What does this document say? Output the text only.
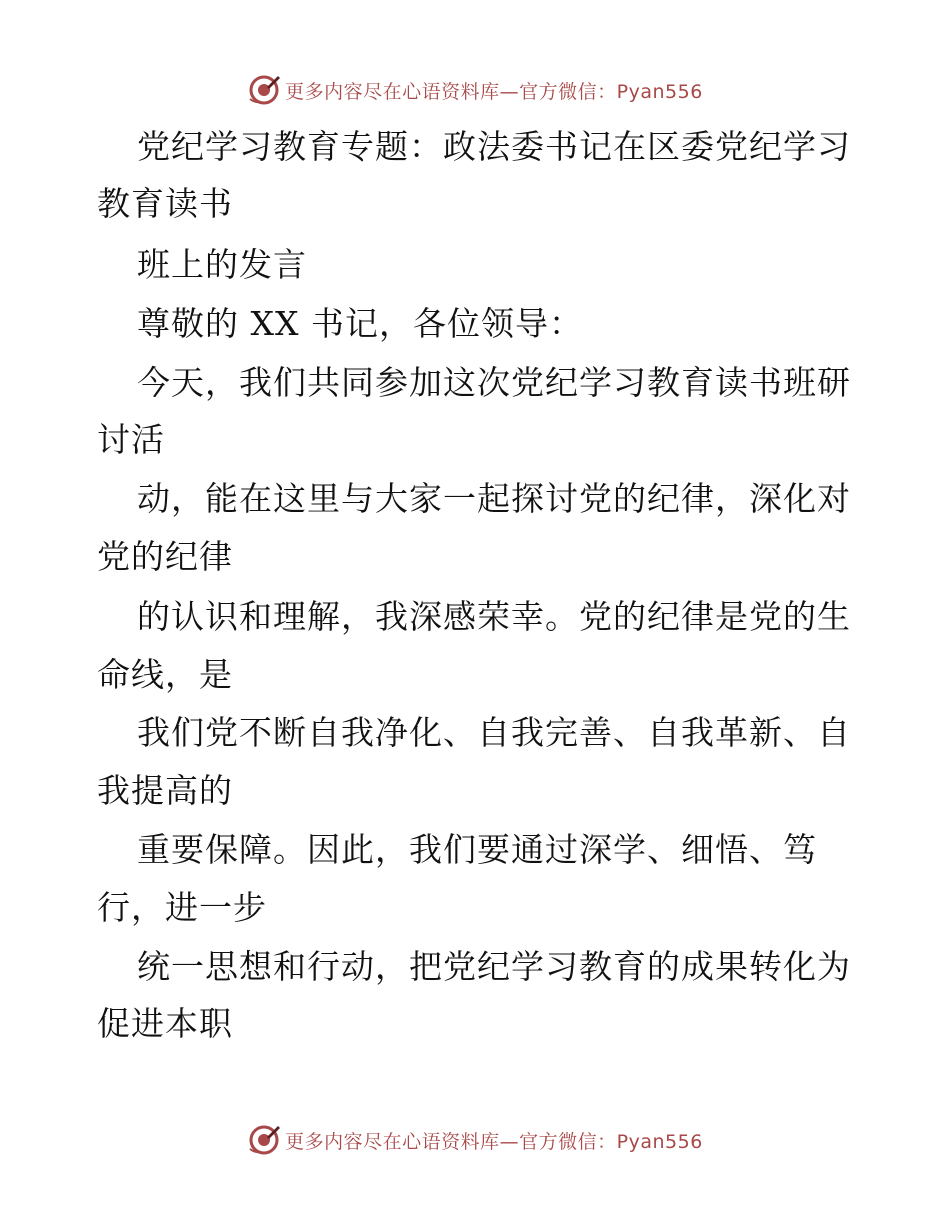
更多内容尽在心语资料库—官方微信：Pyan556
党纪学习教育专题：政法委书记在区委党纪学习
教育读书
班上的发言
尊敬的 XX 书记，各位领导：
今天，我们共同参加这次党纪学习教育读书班研
讨活
动，能在这里与大家一起探讨党的纪律，深化对
党的纪律
的认识和理解，我深感荣幸。党的纪律是党的生
命线，是
我们党不断自我净化、自我完善、自我革新、自
我提高的
重要保障。因此，我们要通过深学、细悟、笃
行，进一步
统一思想和行动，把党纪学习教育的成果转化为
促进本职
更多内容尽在心语资料库—官方微信：Pyan556
